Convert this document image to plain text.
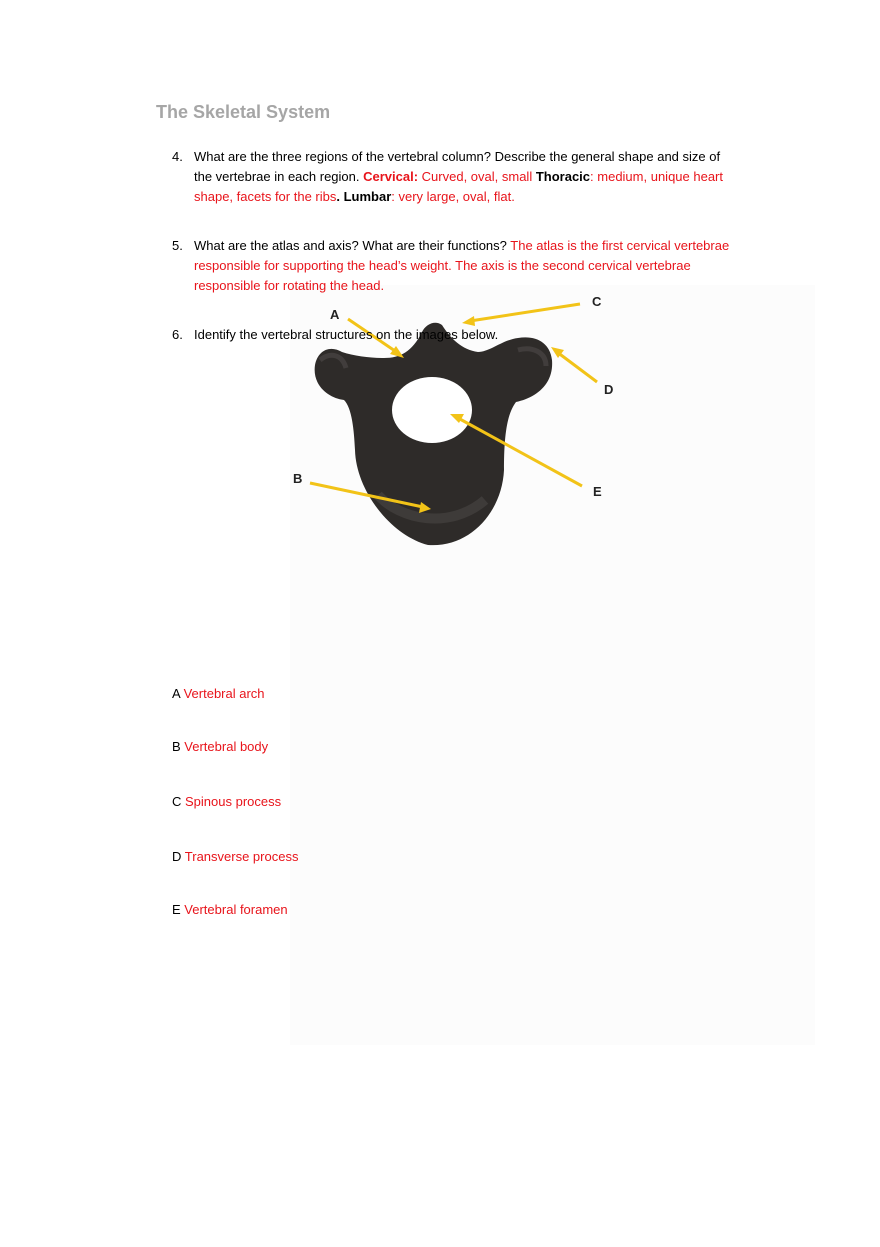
The Skeletal System
4. What are the three regions of the vertebral column? Describe the general shape and size of the vertebrae in each region. Cervical: Curved, oval, small Thoracic: medium, unique heart shape, facets for the ribs. Lumbar: very large, oval, flat.
5. What are the atlas and axis? What are their functions? The atlas is the first cervical vertebrae responsible for supporting the head’s weight. The axis is the second cervical vertebrae responsible for rotating the head.
A
C
D
E
B
6. Identify the vertebral structures on the images below.
A Vertebral arch
B Vertebral body
C Spinous process
D Transverse process
E Vertebral foramen
